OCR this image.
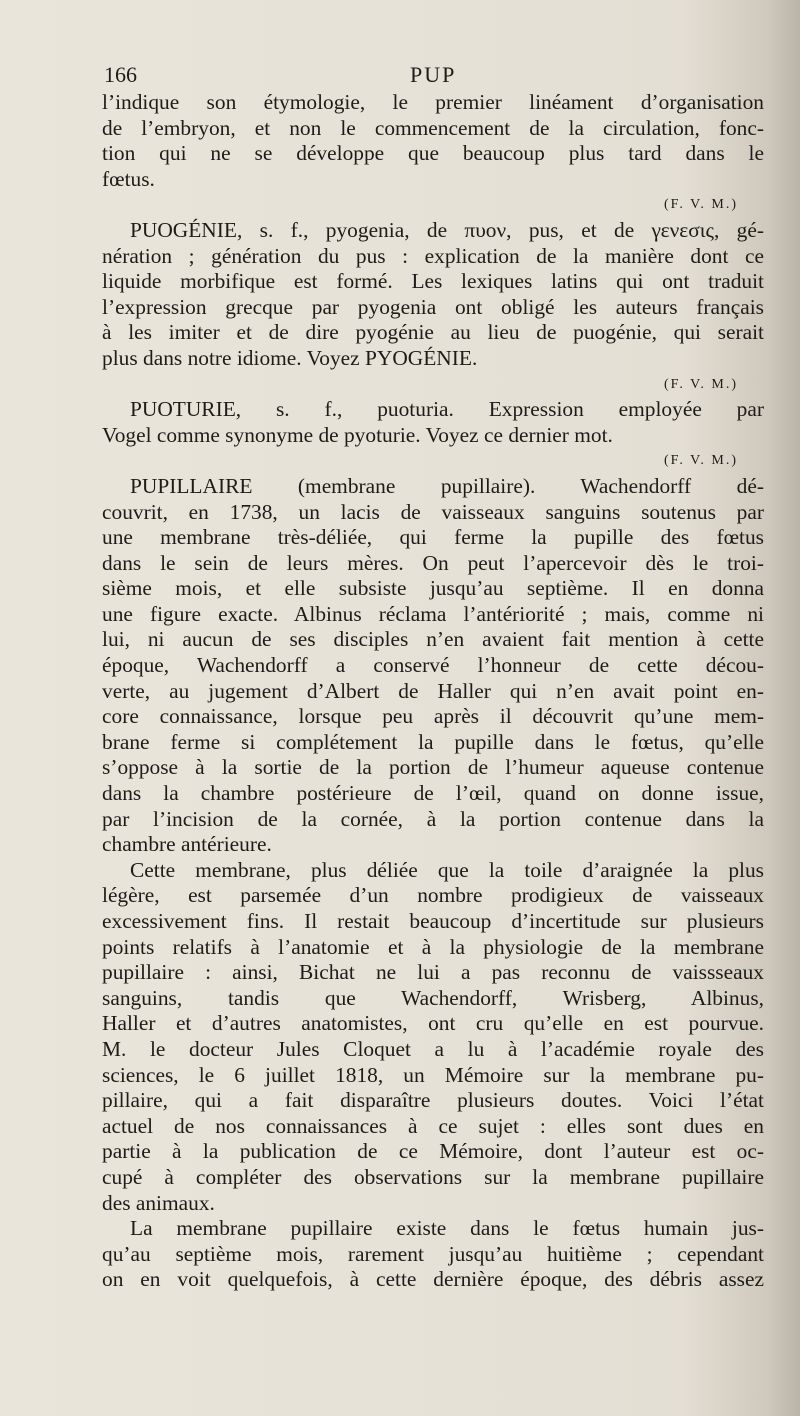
166	PUP
l’indique son étymologie, le premier linéament d’organisation
de l’embryon, et non le commencement de la circulation, fonc-
tion qui ne se développe que beaucoup plus tard dans le
fœtus.
(F. V. M.)
PUOGÉNIE, s. f., pyogenia, de πυον, pus, et de γενεσις, gé-
nération ; génération du pus : explication de la manière dont ce
liquide morbifique est formé. Les lexiques latins qui ont traduit
l’expression grecque par pyogenia ont obligé les auteurs français
à les imiter et de dire pyogénie au lieu de puogénie, qui serait
plus dans notre idiome. Voyez PYOGÉNIE.
(F. V. M.)
PUOTURIE, s. f., puoturia. Expression employée par
Vogel comme synonyme de pyoturie. Voyez ce dernier mot.
(F. V. M.)
PUPILLAIRE (membrane pupillaire). Wachendorff dé-
couvrit, en 1738, un lacis de vaisseaux sanguins soutenus par
une membrane très-déliée, qui ferme la pupille des fœtus
dans le sein de leurs mères. On peut l’apercevoir dès le troi-
sième mois, et elle subsiste jusqu’au septième. Il en donna
une figure exacte. Albinus réclama l’antériorité ; mais, comme ni
lui, ni aucun de ses disciples n’en avaient fait mention à cette
époque, Wachendorff a conservé l’honneur de cette décou-
verte, au jugement d’Albert de Haller qui n’en avait point en-
core connaissance, lorsque peu après il découvrit qu’une mem-
brane ferme si complétement la pupille dans le fœtus, qu’elle
s’oppose à la sortie de la portion de l’humeur aqueuse contenue
dans la chambre postérieure de l’œil, quand on donne issue,
par l’incision de la cornée, à la portion contenue dans la
chambre antérieure.
Cette membrane, plus déliée que la toile d’araignée la plus
légère, est parsemée d’un nombre prodigieux de vaisseaux
excessivement fins. Il restait beaucoup d’incertitude sur plusieurs
points relatifs à l’anatomie et à la physiologie de la membrane
pupillaire : ainsi, Bichat ne lui a pas reconnu de vaissseaux
sanguins, tandis que Wachendorff, Wrisberg, Albinus,
Haller et d’autres anatomistes, ont cru qu’elle en est pourvue.
M. le docteur Jules Cloquet a lu à l’académie royale des
sciences, le 6 juillet 1818, un Mémoire sur la membrane pu-
pillaire, qui a fait disparaître plusieurs doutes. Voici l’état
actuel de nos connaissances à ce sujet : elles sont dues en
partie à la publication de ce Mémoire, dont l’auteur est oc-
cupé à compléter des observations sur la membrane pupillaire
des animaux.
La membrane pupillaire existe dans le fœtus humain jus-
qu’au septième mois, rarement jusqu’au huitième ; cependant
on en voit quelquefois, à cette dernière époque, des débris assez
